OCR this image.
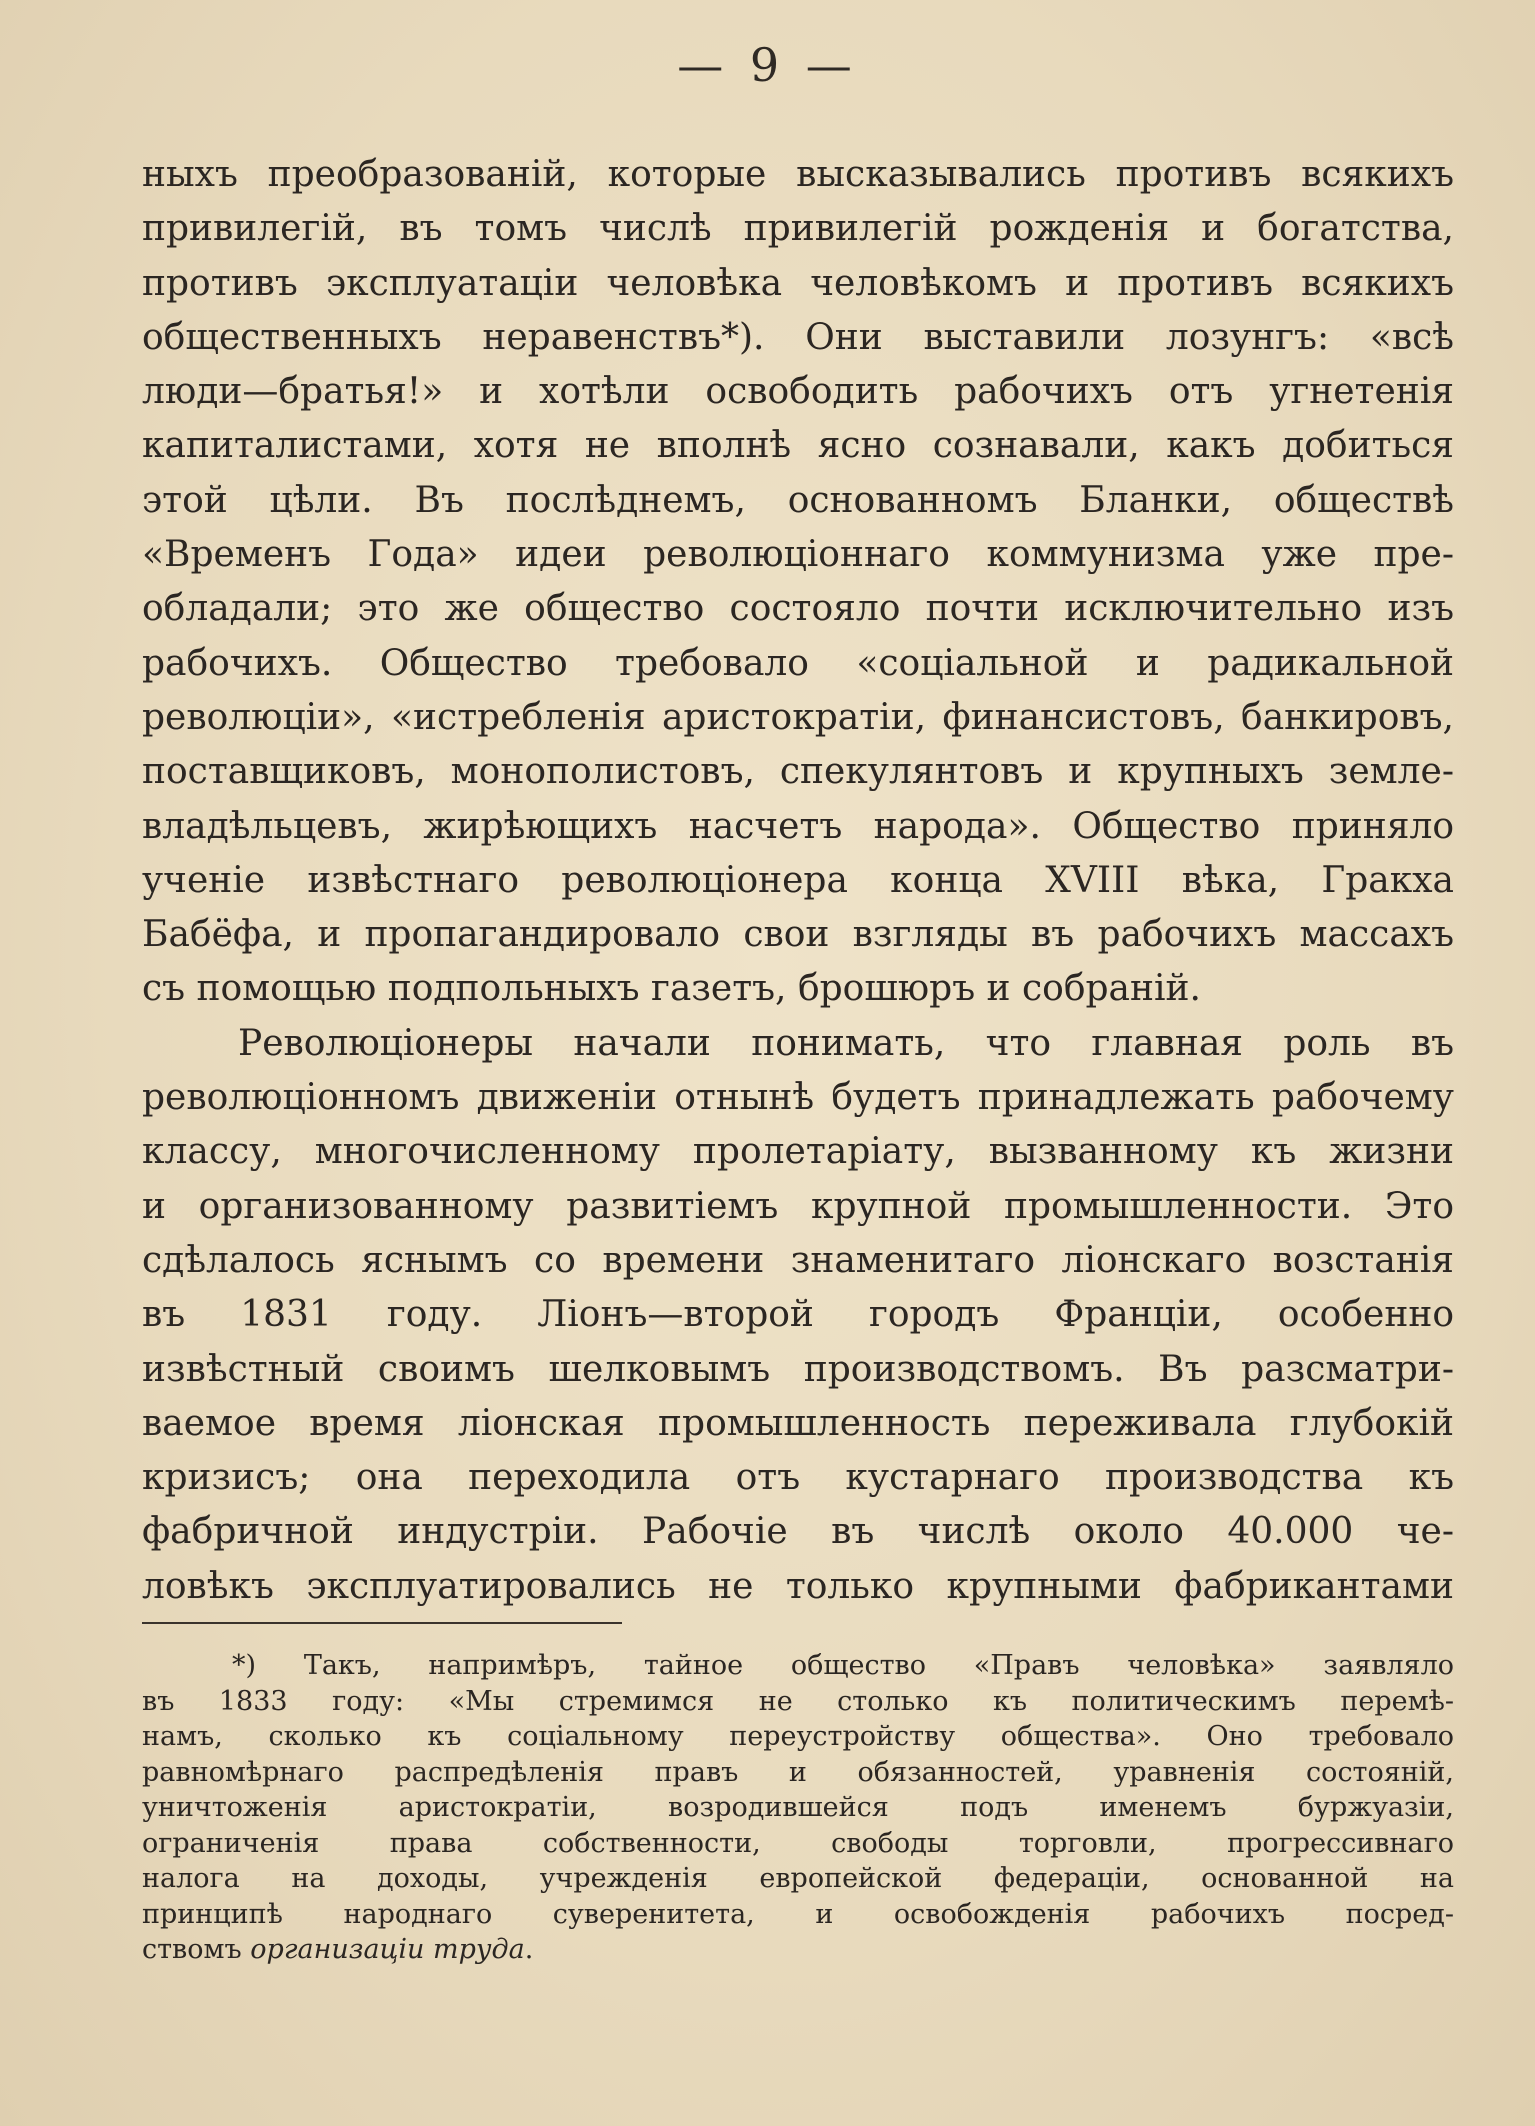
— 9 —
ныхъ преобразованій, которые высказывались противъ всякихъ
привилегій, въ томъ числѣ привилегій рожденія и богатства,
противъ эксплуатаціи человѣка человѣкомъ и противъ всякихъ
общественныхъ неравенствъ*). Они выставили лозунгъ: «всѣ
люди—братья!» и хотѣли освободить рабочихъ отъ угнетенія
капиталистами, хотя не вполнѣ ясно сознавали, какъ добиться
этой цѣли. Въ послѣднемъ, основанномъ Бланки, обществѣ
«Временъ Года» идеи революціоннаго коммунизма уже пре-
обладали; это же общество состояло почти исключительно изъ
рабочихъ. Общество требовало «соціальной и радикальной
революціи», «истребленія аристократіи, финансистовъ, банкировъ,
поставщиковъ, монополистовъ, спекулянтовъ и крупныхъ земле-
владѣльцевъ, жирѣющихъ насчетъ народа». Общество приняло
ученіе извѣстнаго революціонера конца XVIII вѣка, Гракха
Бабёфа, и пропагандировало свои взгляды въ рабочихъ массахъ
съ помощью подпольныхъ газетъ, брошюръ и собраній.
Революціонеры начали понимать, что главная роль въ
революціонномъ движеніи отнынѣ будетъ принадлежать рабочему
классу, многочисленному пролетаріату, вызванному къ жизни
и организованному развитіемъ крупной промышленности. Это
сдѣлалось яснымъ со времени знаменитаго ліонскаго возстанія
въ 1831 году. Ліонъ—второй городъ Франціи, особенно
извѣстный своимъ шелковымъ производствомъ. Въ разсматри-
ваемое время ліонская промышленность переживала глубокій
кризисъ; она переходила отъ кустарнаго производства къ
фабричной индустріи. Рабочіе въ числѣ около 40.000 че-
ловѣкъ эксплуатировались не только крупными фабрикантами
*) Такъ, напримѣръ, тайное общество «Правъ человѣка» заявляло
въ 1833 году: «Мы стремимся не столько къ политическимъ перемѣ-
намъ, сколько къ соціальному переустройству общества». Оно требовало
равномѣрнаго распредѣленія правъ и обязанностей, уравненія состояній,
уничтоженія аристократіи, возродившейся подъ именемъ буржуазіи,
ограниченія права собственности, свободы торговли, прогрессивнаго
налога на доходы, учрежденія европейской федераціи, основанной на
принципѣ народнаго суверенитета, и освобожденія рабочихъ посред-
ствомъ организаціи труда.
